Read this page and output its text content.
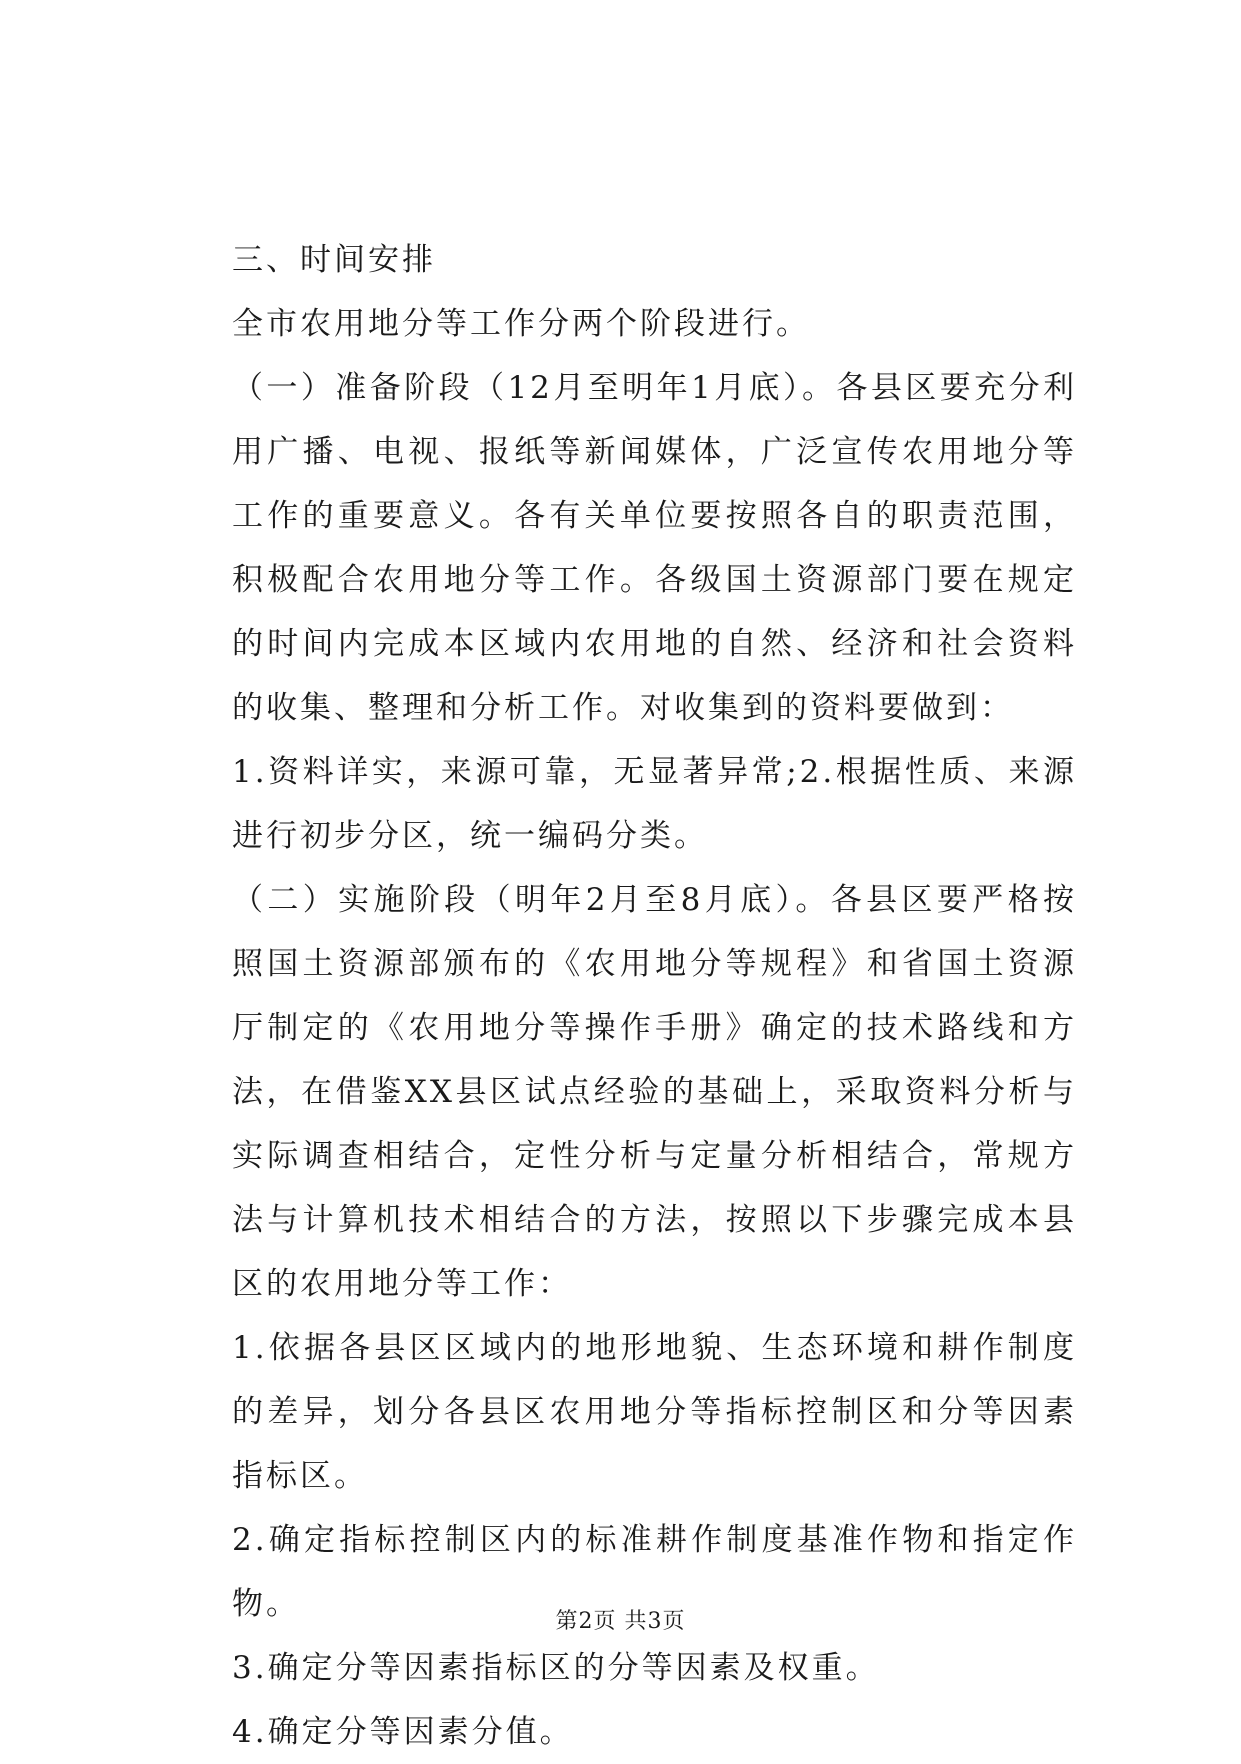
三、时间安排

全市农用地分等工作分两个阶段进行。

（一）准备阶段（12月至明年1月底）。各县区要充分利用广播、电视、报纸等新闻媒体，广泛宣传农用地分等工作的重要意义。各有关单位要按照各自的职责范围，积极配合农用地分等工作。各级国土资源部门要在规定的时间内完成本区域内农用地的自然、经济和社会资料的收集、整理和分析工作。对收集到的资料要做到：

1.资料详实，来源可靠，无显著异常;2.根据性质、来源进行初步分区，统一编码分类。

（二）实施阶段（明年2月至8月底）。各县区要严格按照国土资源部颁布的《农用地分等规程》和省国土资源厅制定的《农用地分等操作手册》确定的技术路线和方法，在借鉴XX县区试点经验的基础上，采取资料分析与实际调查相结合，定性分析与定量分析相结合，常规方法与计算机技术相结合的方法，按照以下步骤完成本县区的农用地分等工作：

1.依据各县区区域内的地形地貌、生态环境和耕作制度的差异，划分各县区农用地分等指标控制区和分等因素指标区。

2.确定指标控制区内的标准耕作制度基准作物和指定作物。

3.确定分等因素指标区的分等因素及权重。

4.确定分等因素分值。

第2页 共3页
